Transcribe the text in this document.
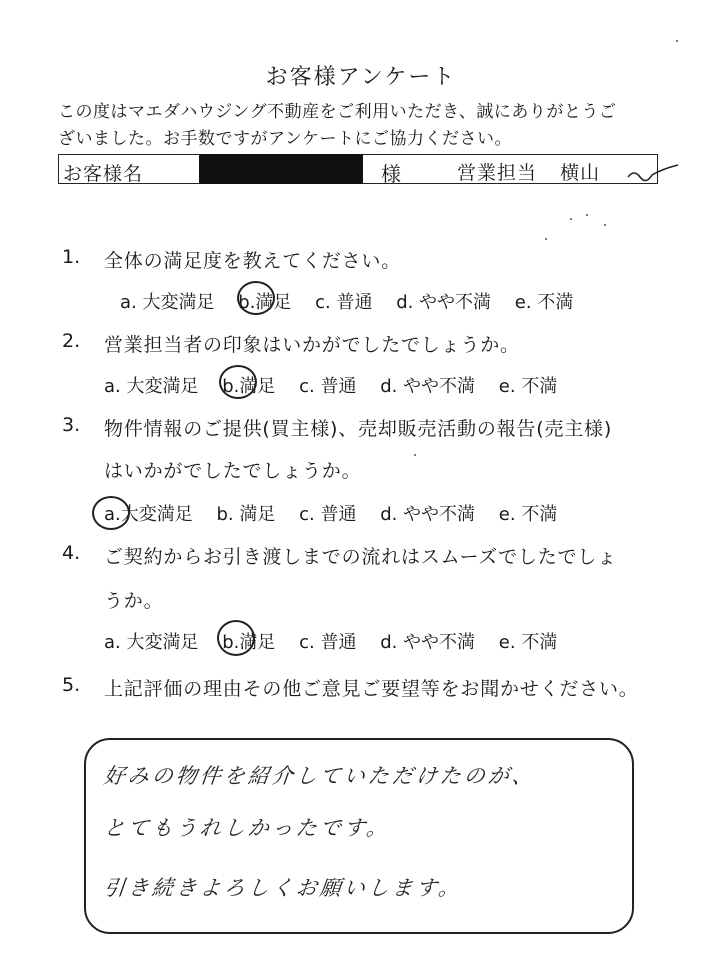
お客様アンケート
この度はマエダハウジング不動産をご利用いただき、誠にありがとうご
ざいました。お手数ですがアンケートにご協力ください。
お客様名	様	営業担当 横山
1. 全体の満足度を教えてください。
a. 大変満足 b.満足 c. 普通 d. やや不満 e. 不満
2. 営業担当者の印象はいかがでしたでしょうか。
a. 大変満足 b.満足 c. 普通 d. やや不満 e. 不満
3. 物件情報のご提供(買主様)、売却販売活動の報告(売主様)
はいかがでしたでしょうか。
a.大変満足 b. 満足 c. 普通 d. やや不満 e. 不満
4. ご契約からお引き渡しまでの流れはスムーズでしたでしょ
うか。
a. 大変満足 b.満足 c. 普通 d. やや不満 e. 不満
5. 上記評価の理由その他ご意見ご要望等をお聞かせください。
好みの物件を紹介していただけたのが、
とてもうれしかったです。
引き続きよろしくお願いします。
